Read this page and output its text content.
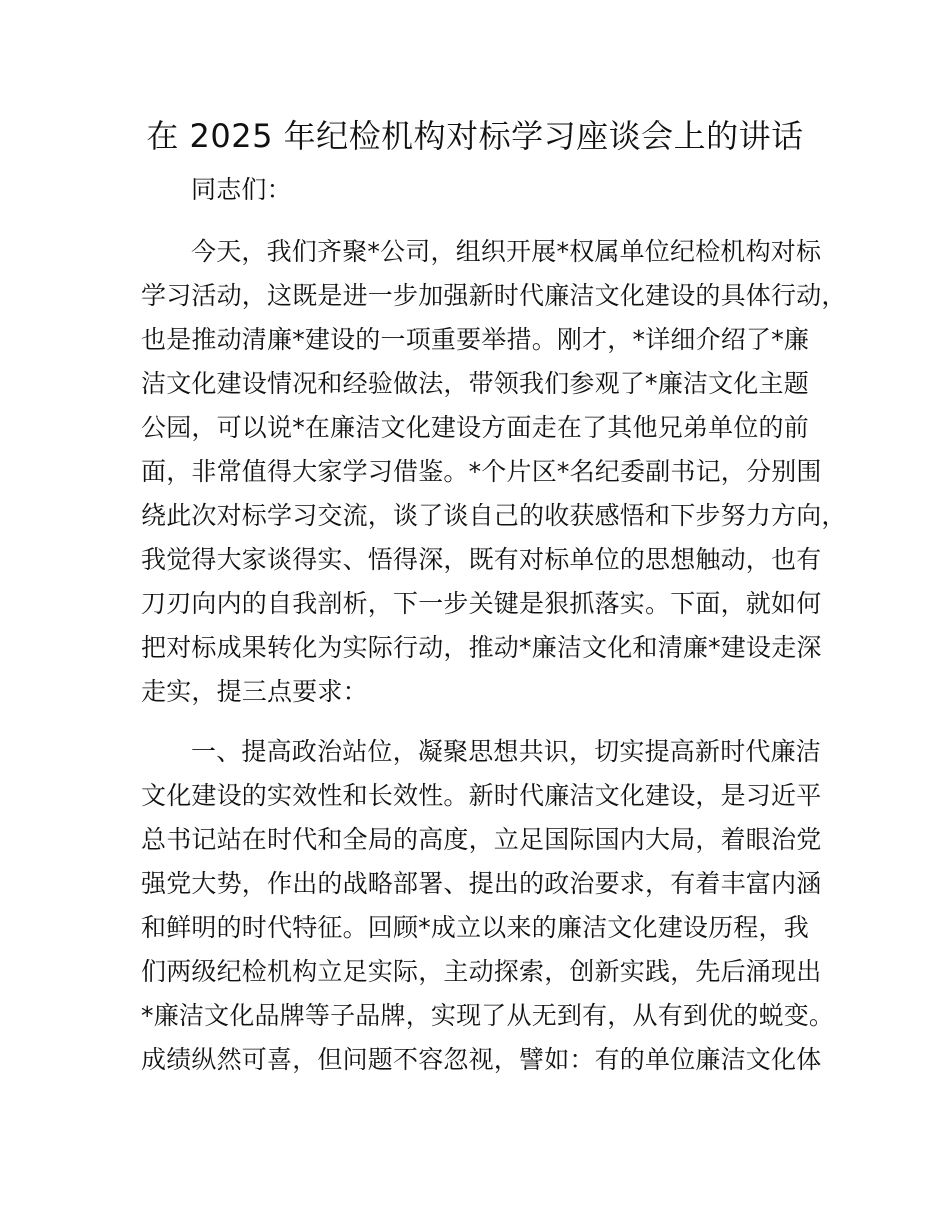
在 2025 年纪检机构对标学习座谈会上的讲话
同志们：
今天，我们齐聚*公司，组织开展*权属单位纪检机构对标
学习活动，这既是进一步加强新时代廉洁文化建设的具体行动，
也是推动清廉*建设的一项重要举措。刚才，*详细介绍了*廉
洁文化建设情况和经验做法，带领我们参观了*廉洁文化主题
公园，可以说*在廉洁文化建设方面走在了其他兄弟单位的前
面，非常值得大家学习借鉴。*个片区*名纪委副书记，分别围
绕此次对标学习交流，谈了谈自己的收获感悟和下步努力方向，
我觉得大家谈得实、悟得深，既有对标单位的思想触动，也有
刀刃向内的自我剖析，下一步关键是狠抓落实。下面，就如何
把对标成果转化为实际行动，推动*廉洁文化和清廉*建设走深
走实，提三点要求：
一、提高政治站位，凝聚思想共识，切实提高新时代廉洁
文化建设的实效性和长效性。新时代廉洁文化建设，是习近平
总书记站在时代和全局的高度，立足国际国内大局，着眼治党
强党大势，作出的战略部署、提出的政治要求，有着丰富内涵
和鲜明的时代特征。回顾*成立以来的廉洁文化建设历程，我
们两级纪检机构立足实际，主动探索，创新实践，先后涌现出
*廉洁文化品牌等子品牌，实现了从无到有，从有到优的蜕变。
成绩纵然可喜，但问题不容忽视，譬如：有的单位廉洁文化体
